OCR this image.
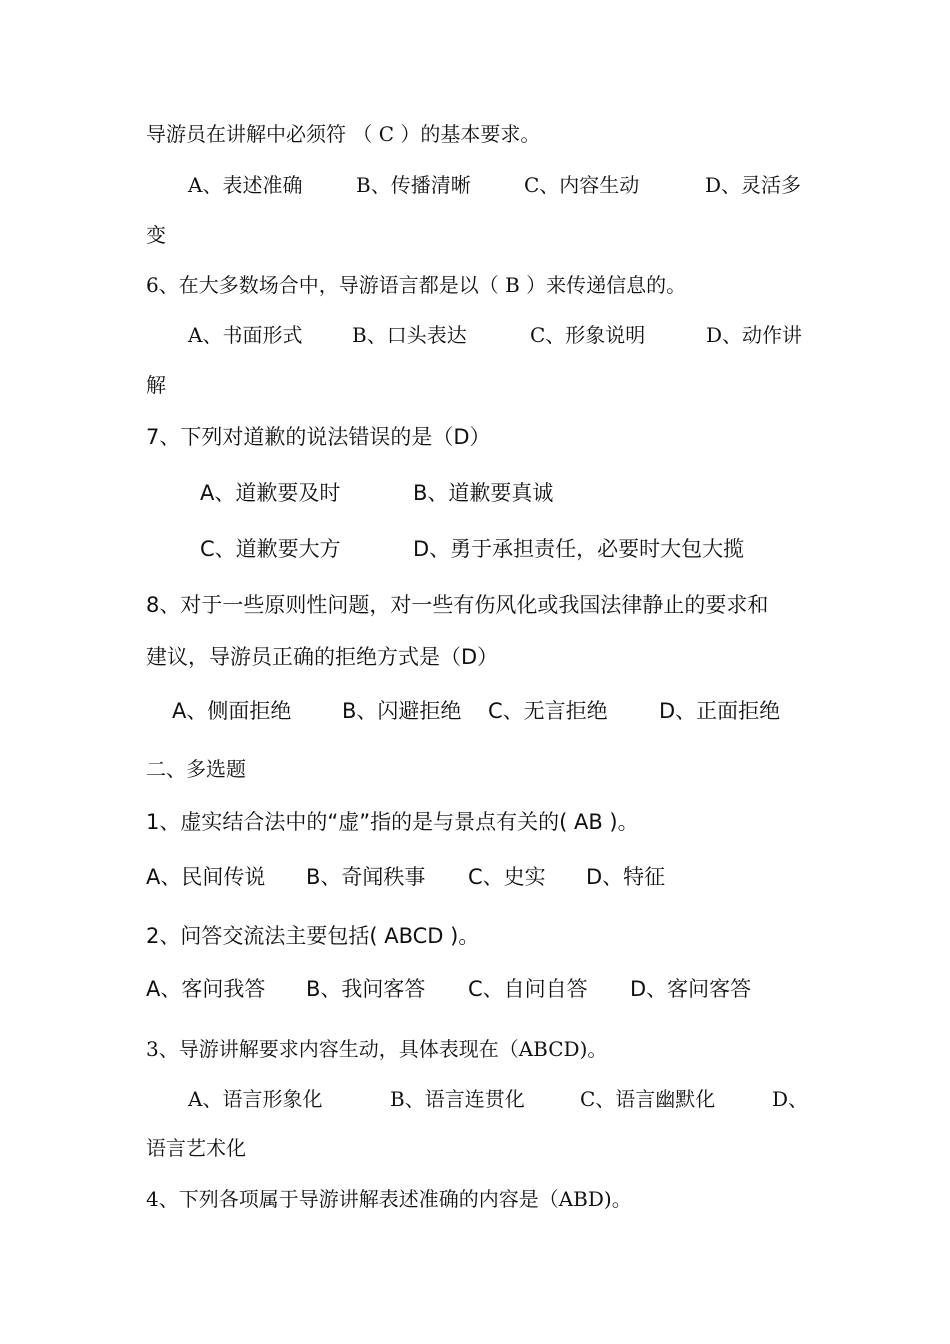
导游员在讲解中必须符 （ C ）的基本要求。
A、表述准确	B、传播清晰	C、内容生动	D、灵活多
变
6、在大多数场合中，导游语言都是以（ B ）来传递信息的。
A、书面形式 B、口头表达	C、形象说明	D、动作讲
解
7、下列对道歉的说法错误的是（D）
A、道歉要及时	B、道歉要真诚
C、道歉要大方	D、勇于承担责任，必要时大包大揽
8、对于一些原则性问题，对一些有伤风化或我国法律静止的要求和
建议，导游员正确的拒绝方式是（D）
A、侧面拒绝 B、闪避拒绝 C、无言拒绝 D、正面拒绝
二、多选题
1、虚实结合法中的“虚”指的是与景点有关的( AB )。
A、民间传说 B、奇闻秩事 C、史实 D、特征
2、问答交流法主要包括( ABCD )。
A、客问我答 B、我问客答 C、自问自答 D、客问客答
3、导游讲解要求内容生动，具体表现在（ABCD)。
A、语言形象化	B、语言连贯化	C、语言幽默化	D、
语言艺术化
4、下列各项属于导游讲解表述准确的内容是（ABD)。
